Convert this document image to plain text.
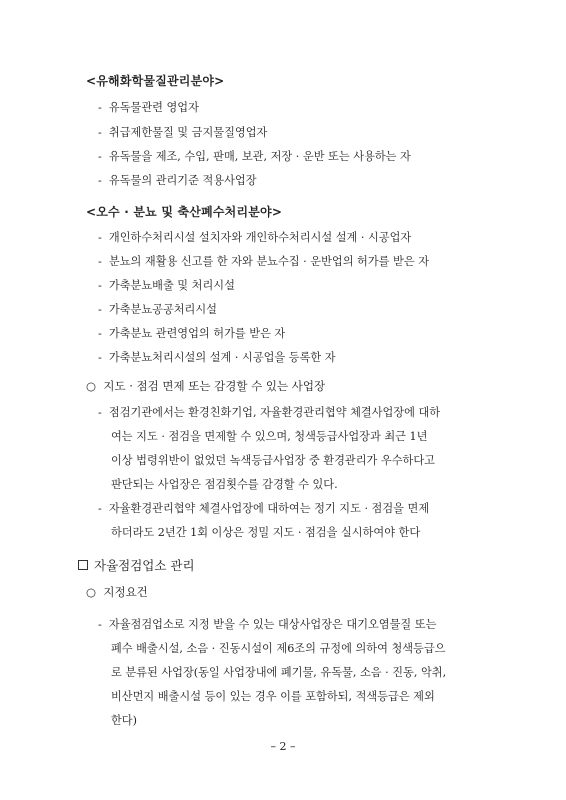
<유해화학물질관리분야>
- 유독물관련 영업자
- 취급제한물질 및 금지물질영업자
- 유독물을 제조, 수입, 판매, 보관, 저장 · 운반 또는 사용하는 자
- 유독물의 관리기준 적용사업장
<오수 · 분뇨 및 축산폐수처리분야>
- 개인하수처리시설 설치자와 개인하수처리시설 설계 · 시공업자
- 분뇨의 재활용 신고를 한 자와 분뇨수집 · 운반업의 허가를 받은 자
- 가축분뇨배출 및 처리시설
- 가축분뇨공공처리시설
- 가축분뇨 관련영업의 허가를 받은 자
- 가축분뇨처리시설의 설계 · 시공업을 등록한 자
○ 지도 · 점검 면제 또는 감경할 수 있는 사업장
- 점검기관에서는 환경친화기업, 자율환경관리협약 체결사업장에 대하
여는 지도 · 점검을 면제할 수 있으며, 청색등급사업장과 최근 1년
이상 법령위반이 없었던 녹색등급사업장 중 환경관리가 우수하다고
판단되는 사업장은 점검횟수를 감경할 수 있다.
- 자율환경관리협약 체결사업장에 대하여는 정기 지도 · 점검을 면제
하더라도 2년간 1회 이상은 정밀 지도 · 점검을 실시하여야 한다
자율점검업소 관리
○ 지정요건
- 자율점검업소로 지정 받을 수 있는 대상사업장은 대기오염물질 또는
폐수 배출시설, 소음 · 진동시설이 제6조의 규정에 의하여 청색등급으
로 분류된 사업장(동일 사업장내에 폐기물, 유독물, 소음 · 진동, 악취,
비산먼지 배출시설 등이 있는 경우 이를 포함하되, 적색등급은 제외
한다)
– 2 –
